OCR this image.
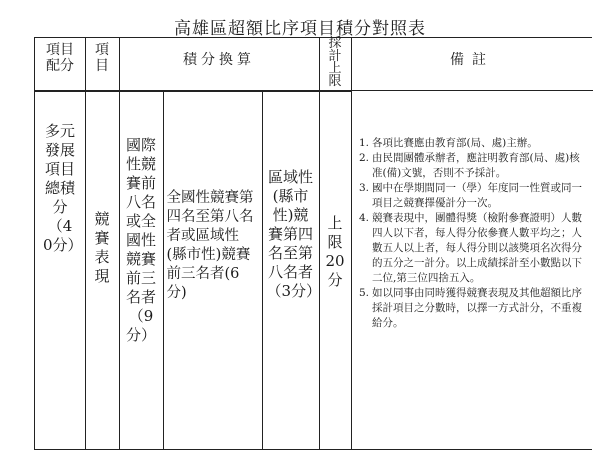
高雄區超額比序項目積分對照表
項目配分
項目	積分換算
採計上限
備註
多元發展項目總積分（40分）
競賽表現
國際性競賽前八名或全國性競賽前三名者（9分）
全國性競賽第四名至第八名者或區域性(縣市性)競賽前三名者(6分)
區域性(縣市性)競賽第四名至第八名者（3分）
上限20分
1. 各項比賽應由教育部(局、處)主辦。
2. 由民間團體承辦者，應註明教育部(局、處)核准(備)文號，否則不予採計。
3. 國中在學期間同一（學）年度同一性質或同一項目之競賽擇優計分一次。
4. 競賽表現中，團體得獎（檢附參賽證明）人數四人以下者，每人得分依參賽人數平均之；人數五人以上者，每人得分則以該獎項名次得分的五分之一計分。以上成績採計至小數點以下二位,第三位四捨五入。
5. 如以同事由同時獲得競賽表現及其他超額比序採計項目之分數時，以擇一方式計分，不重複給分。
